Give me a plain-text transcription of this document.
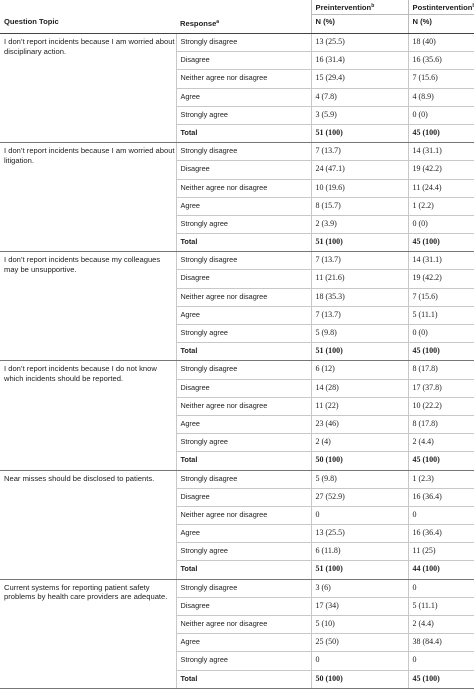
		Preintervention$^b$	Postintervention
Question Topic	Response$^a$	N (%)	N (%)
I don’t report incidents because I am worried about disciplinary action.	Strongly disagree	13 (25.5)	18 (40)
	Disagree	16 (31.4)	16 (35.6)
	Neither agree nor disagree	15 (29.4)	7 (15.6)
	Agree	4 (7.8)	4 (8.9)
	Strongly agree	3 (5.9)	0 (0)
	Total	51 (100)	45 (100)
I don’t report incidents because I am worried about litigation.	Strongly disagree	7 (13.7)	14 (31.1)
	Disagree	24 (47.1)	19 (42.2)
	Neither agree nor disagree	10 (19.6)	11 (24.4)
	Agree	8 (15.7)	1 (2.2)
	Strongly agree	2 (3.9)	0 (0)
	Total	51 (100)	45 (100)
I don’t report incidents because my colleagues may be unsupportive.	Strongly disagree	7 (13.7)	14 (31.1)
	Disagree	11 (21.6)	19 (42.2)
	Neither agree nor disagree	18 (35.3)	7 (15.6)
	Agree	7 (13.7)	5 (11.1)
	Strongly agree	5 (9.8)	0 (0)
	Total	51 (100)	45 (100)
I don’t report incidents because I do not know which incidents should be reported.	Strongly disagree	6 (12)	8 (17.8)
	Disagree	14 (28)	17 (37.8)
	Neither agree nor disagree	11 (22)	10 (22.2)
	Agree	23 (46)	8 (17.8)
	Strongly agree	2 (4)	2 (4.4)
	Total	50 (100)	45 (100)
Near misses should be disclosed to patients.	Strongly disagree	5 (9.8)	1 (2.3)
	Disagree	27 (52.9)	16 (36.4)
	Neither agree nor disagree	0	0
	Agree	13 (25.5)	16 (36.4)
	Strongly agree	6 (11.8)	11 (25)
	Total	51 (100)	44 (100)
Current systems for reporting patient safety problems by health care providers are adequate.	Strongly disagree	3 (6)	0
	Disagree	17 (34)	5 (11.1)
	Neither agree nor disagree	5 (10)	2 (4.4)
	Agree	25 (50)	38 (84.4)
	Strongly agree	0	0
	Total	50 (100)	45 (100)
